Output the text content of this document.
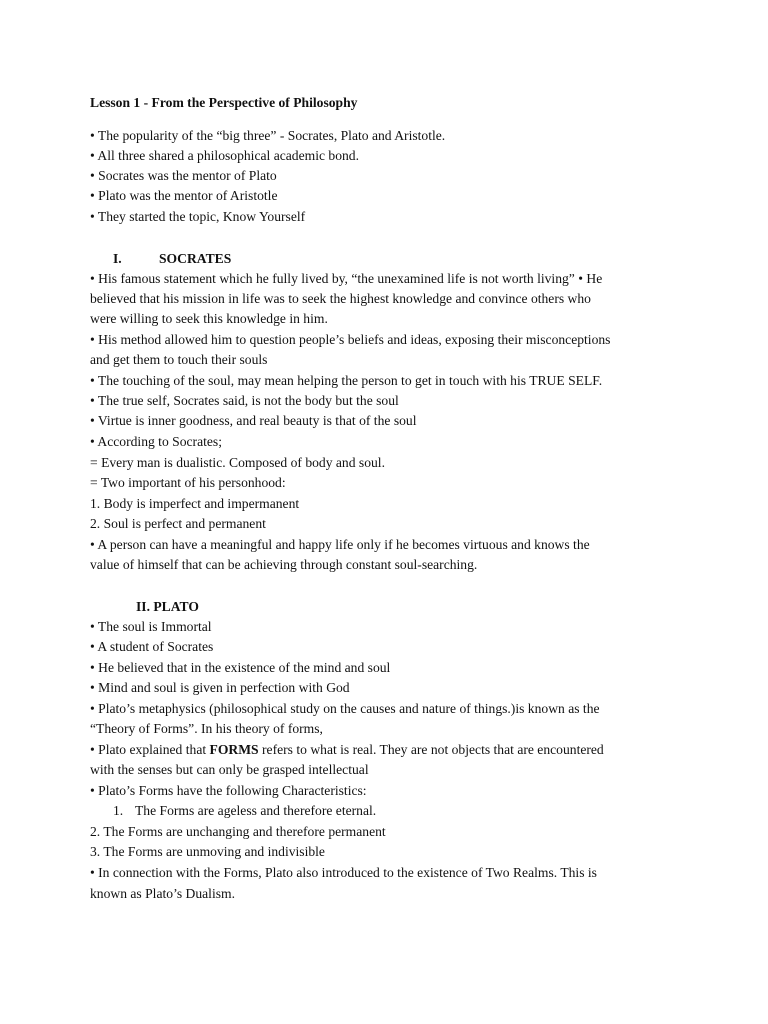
Lesson 1 - From the Perspective of Philosophy
• The popularity of the “big three” - Socrates, Plato and Aristotle.
• All three shared a philosophical academic bond.
• Socrates was the mentor of Plato
• Plato was the mentor of Aristotle
• They started the topic, Know Yourself
I.	SOCRATES
• His famous statement which he fully lived by, “the unexamined life is not worth living” • He
believed that his mission in life was to seek the highest knowledge and convince others who
were willing to seek this knowledge in him.
• His method allowed him to question people’s beliefs and ideas, exposing their misconceptions
and get them to touch their souls
• The touching of the soul, may mean helping the person to get in touch with his TRUE SELF.
• The true self, Socrates said, is not the body but the soul
• Virtue is inner goodness, and real beauty is that of the soul
• According to Socrates;
= Every man is dualistic. Composed of body and soul.
= Two important of his personhood:
1. Body is imperfect and impermanent
2. Soul is perfect and permanent
• A person can have a meaningful and happy life only if he becomes virtuous and knows the
value of himself that can be achieving through constant soul-searching.
II. PLATO
• The soul is Immortal
• A student of Socrates
• He believed that in the existence of the mind and soul
• Mind and soul is given in perfection with God
• Plato’s metaphysics (philosophical study on the causes and nature of things.)is known as the
“Theory of Forms”. In his theory of forms,
• Plato explained that FORMS refers to what is real. They are not objects that are encountered
with the senses but can only be grasped intellectual
• Plato’s Forms have the following Characteristics:
1. The Forms are ageless and therefore eternal.
2. The Forms are unchanging and therefore permanent
3. The Forms are unmoving and indivisible
• In connection with the Forms, Plato also introduced to the existence of Two Realms. This is
known as Plato’s Dualism.
